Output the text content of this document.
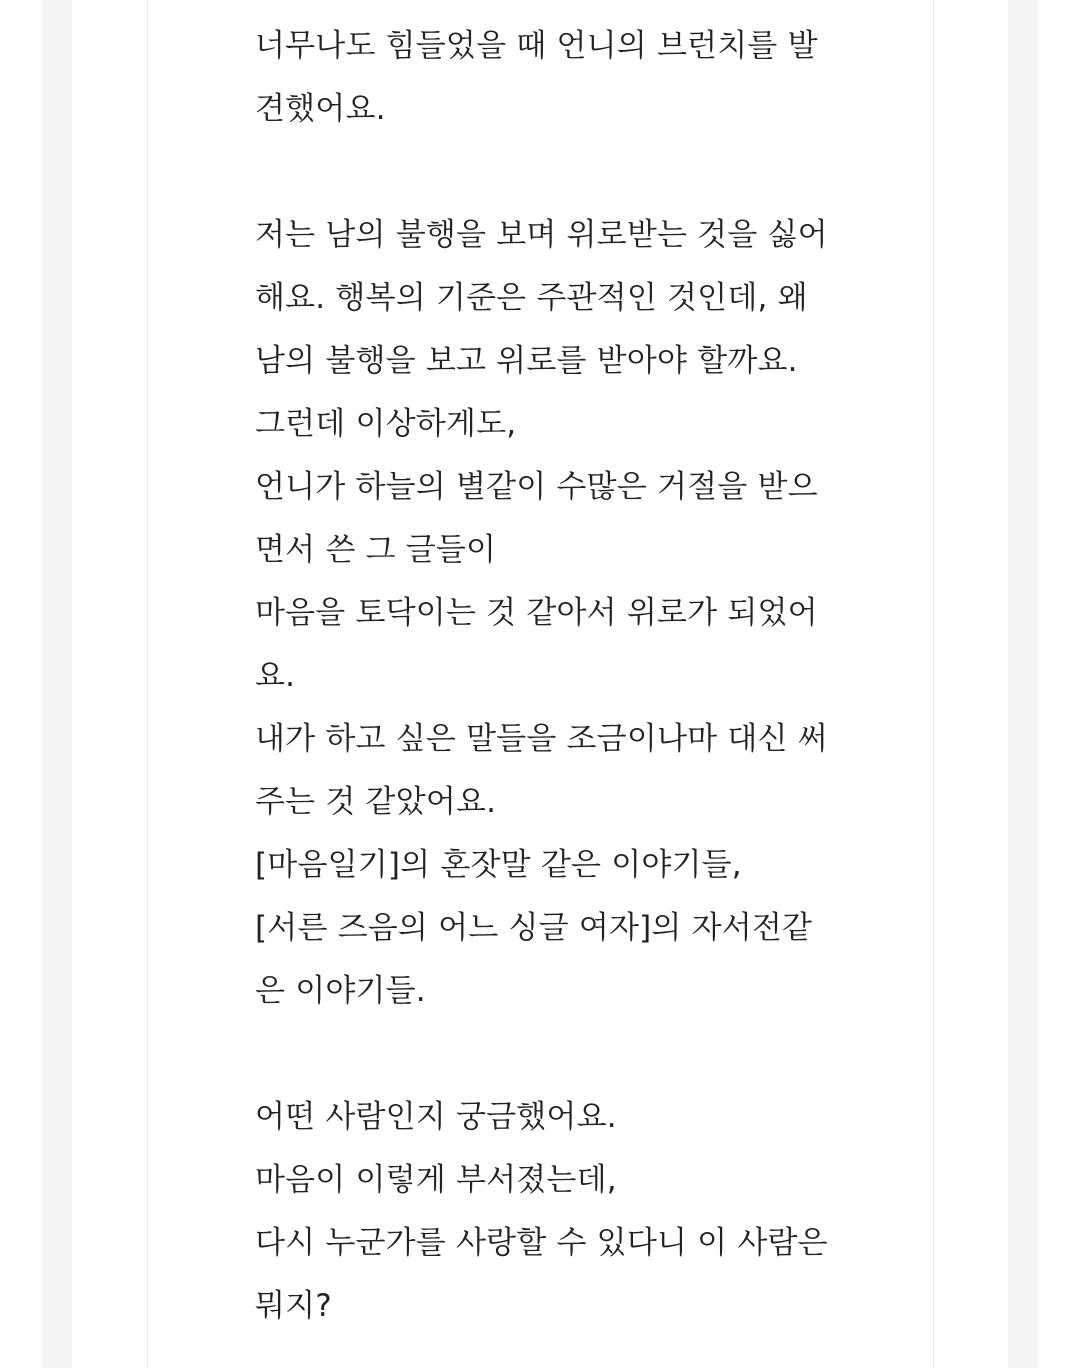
너무나도 힘들었을 때 언니의 브런치를 발
견했어요.
저는 남의 불행을 보며 위로받는 것을 싫어
해요. 행복의 기준은 주관적인 것인데, 왜
남의 불행을 보고 위로를 받아야 할까요.
그런데 이상하게도,
언니가 하늘의 별같이 수많은 거절을 받으
면서 쓴 그 글들이
마음을 토닥이는 것 같아서 위로가 되었어
요.
내가 하고 싶은 말들을 조금이나마 대신 써
주는 것 같았어요.
[마음일기]의 혼잣말 같은 이야기들,
[서른 즈음의 어느 싱글 여자]의 자서전같
은 이야기들.
어떤 사람인지 궁금했어요.
마음이 이렇게 부서졌는데,
다시 누군가를 사랑할 수 있다니 이 사람은
뭐지?
